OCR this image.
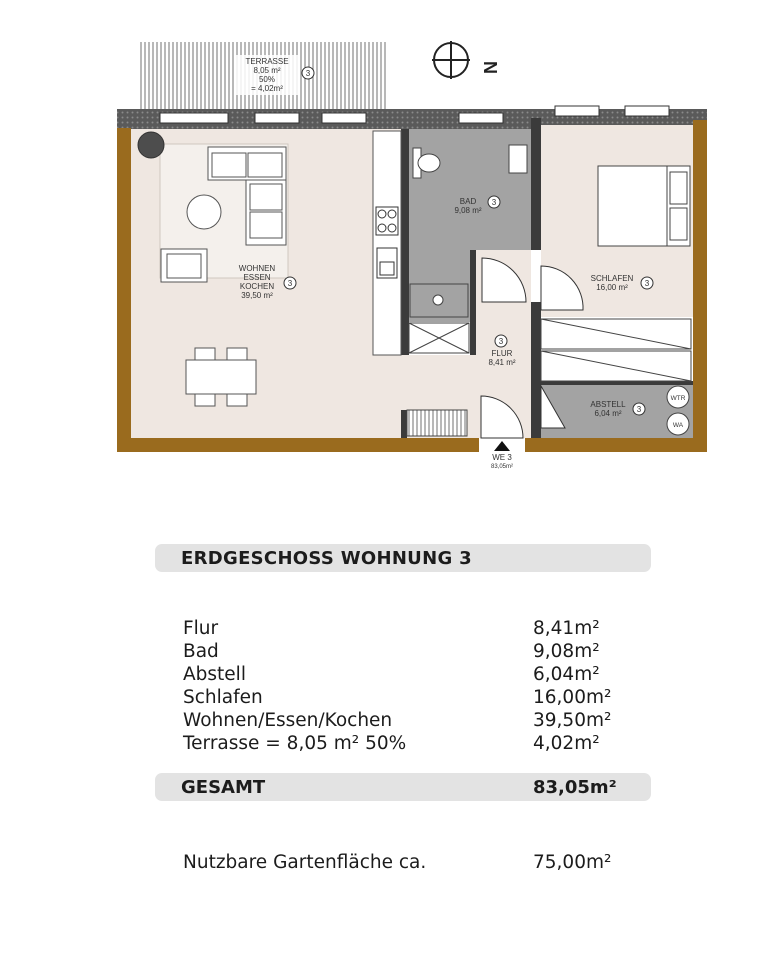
TERRASSE
8,05 m²
50%
= 4,02m²
3	N
WTR
WA
WOHNEN
ESSEN
KOCHEN
39,50 m²
3
BAD
9,08 m²
3
SCHLAFEN
16,00 m² 3
3
FLUR
8,41 m²
ABSTELL
6,04 m² 3
WE 3
83,05m²
ERDGESCHOSS WOHNUNG 3
Flur	8,41m²
Bad	9,08m²
Abstell	6,04m²
Schlafen	16,00m²
Wohnen/Essen/Kochen	39,50m²
Terrasse = 8,05 m² 50%	4,02m²
GESAMT	83,05m²
Nutzbare Gartenfläche ca.	75,00m²
